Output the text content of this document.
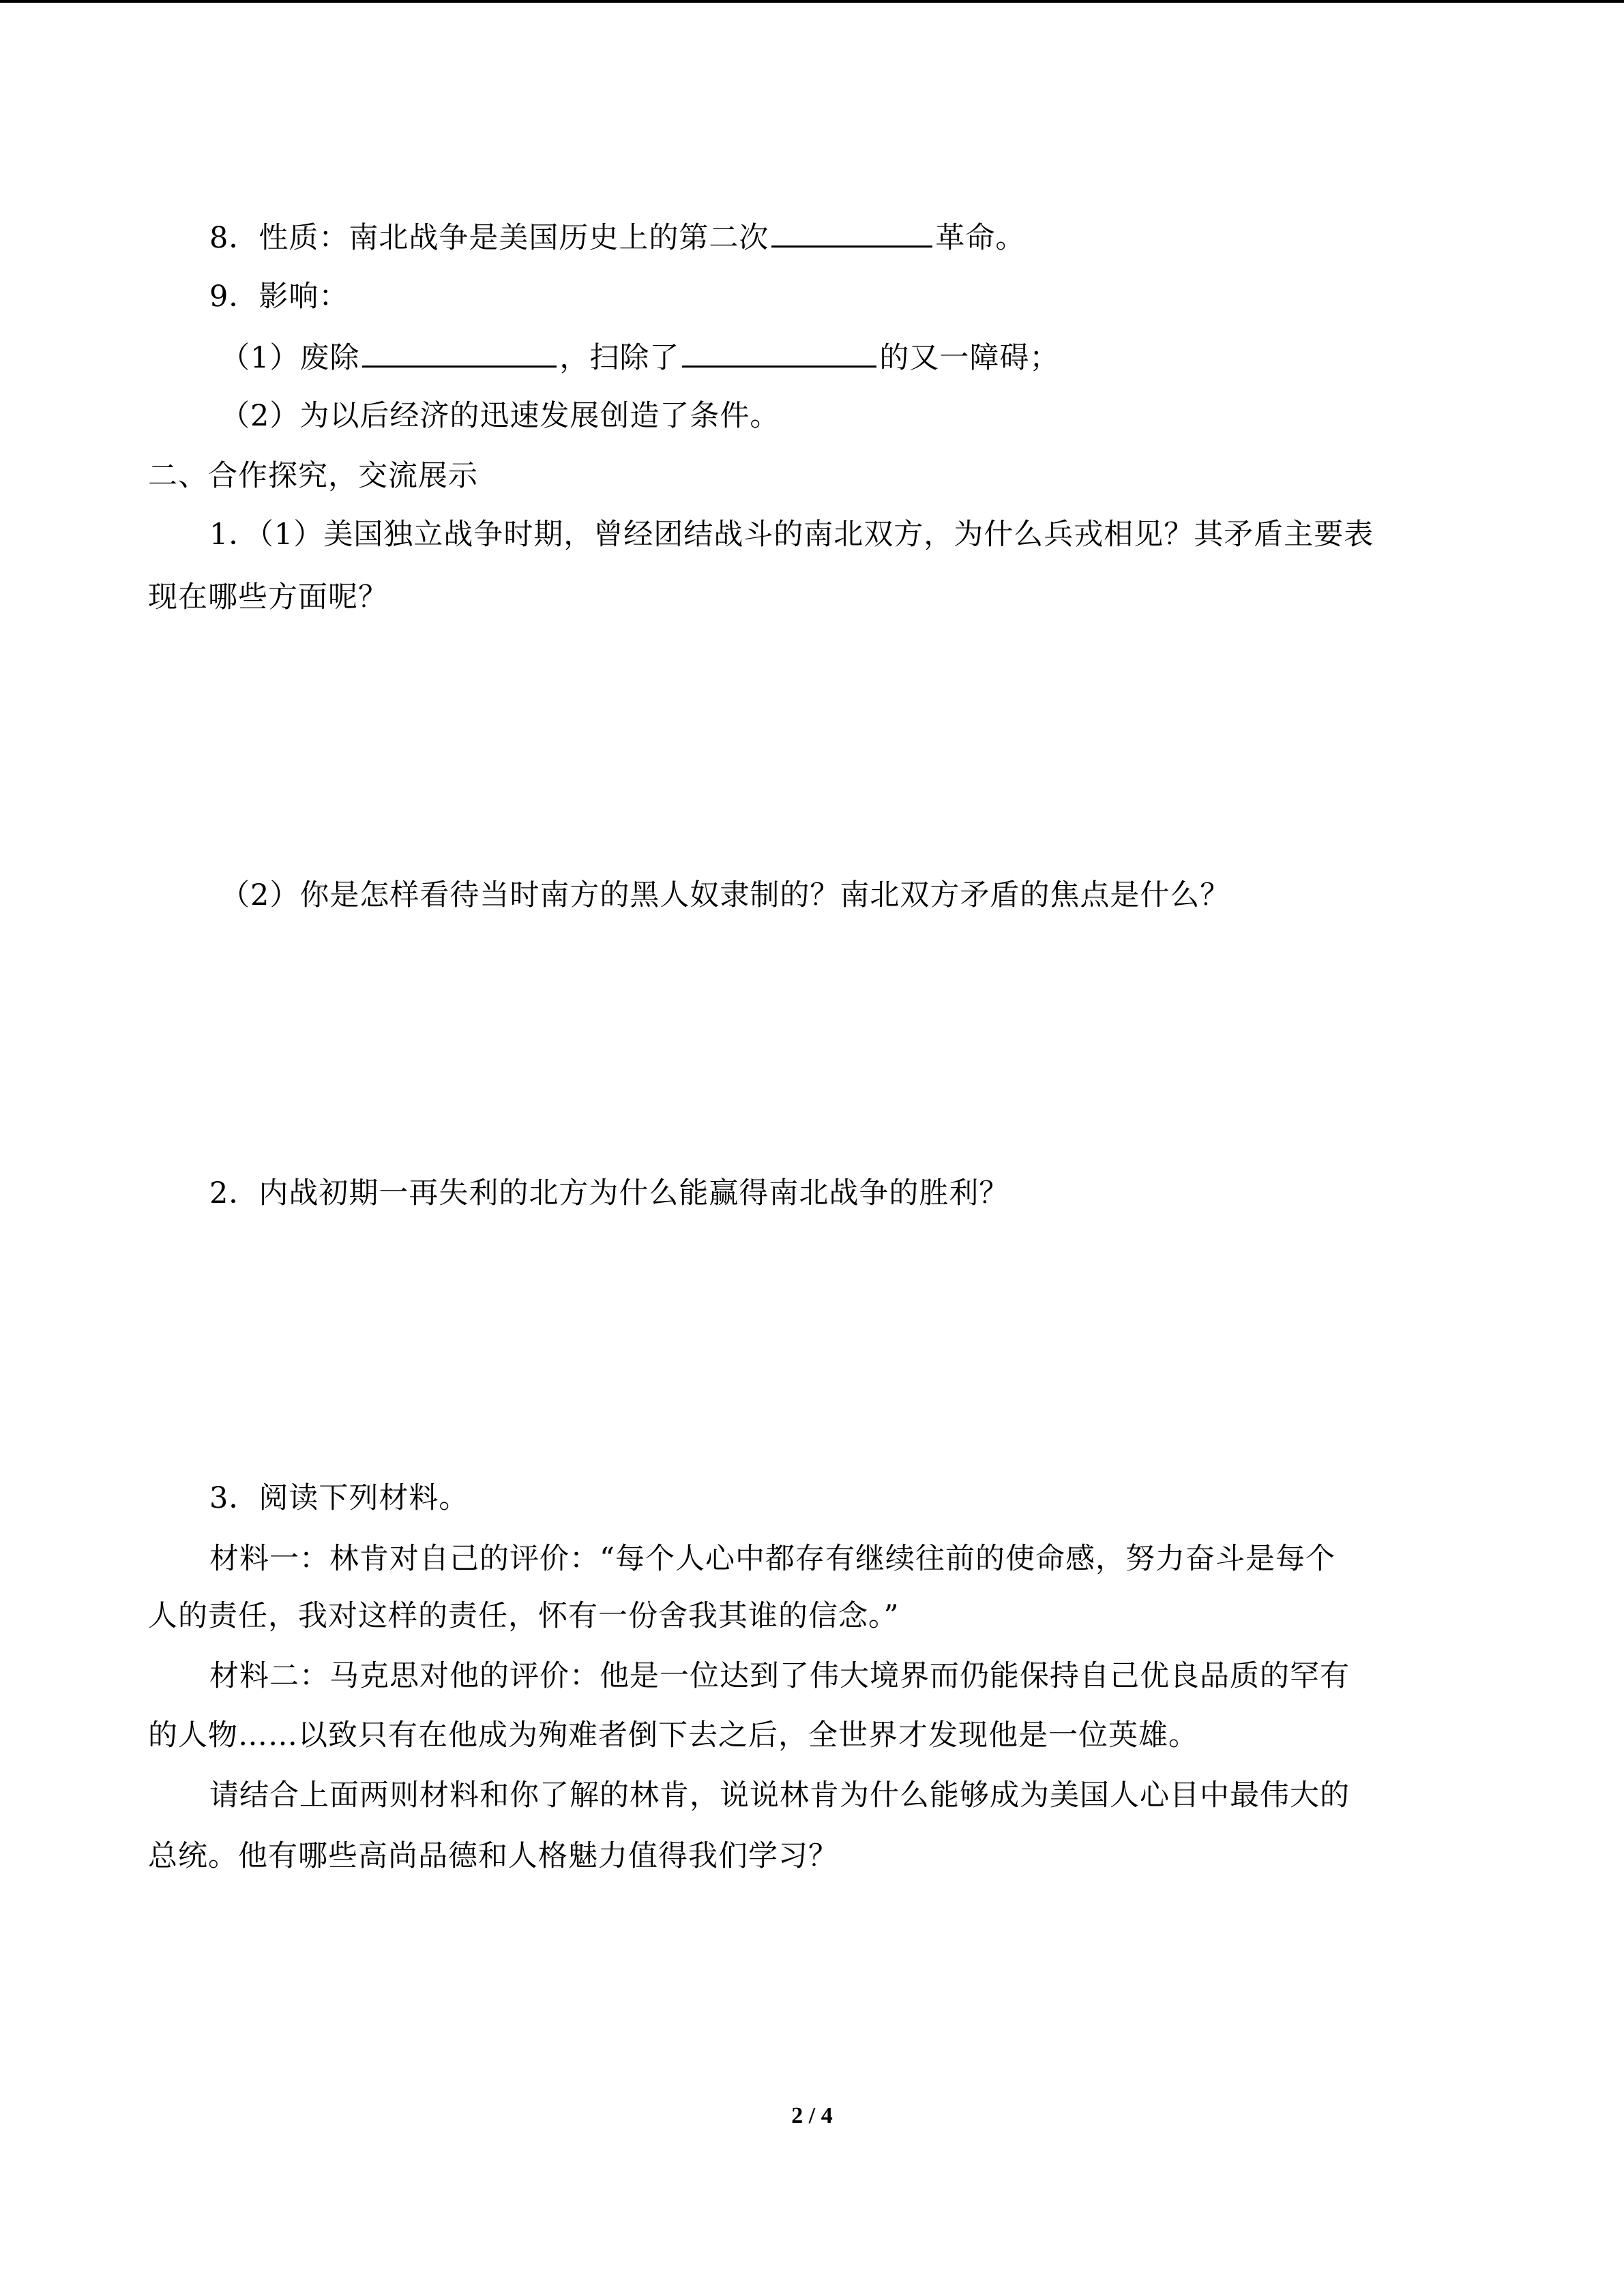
8．性质：南北战争是美国历史上的第二次	革命。
9．影响：
（1）废除	，扫除了	的又一障碍；
（2）为以后经济的迅速发展创造了条件。
二、合作探究，交流展示
1．（1）美国独立战争时期，曾经团结战斗的南北双方，为什么兵戎相见？其矛盾主要表
现在哪些方面呢？
（2）你是怎样看待当时南方的黑人奴隶制的？南北双方矛盾的焦点是什么？
2．内战初期一再失利的北方为什么能赢得南北战争的胜利？
3．阅读下列材料。
材料一：林肯对自己的评价：“每个人心中都存有继续往前的使命感，努力奋斗是每个
人的责任，我对这样的责任，怀有一份舍我其谁的信念。”
材料二：马克思对他的评价：他是一位达到了伟大境界而仍能保持自己优良品质的罕有
的人物……以致只有在他成为殉难者倒下去之后，全世界才发现他是一位英雄。
请结合上面两则材料和你了解的林肯，说说林肯为什么能够成为美国人心目中最伟大的
总统。他有哪些高尚品德和人格魅力值得我们学习？
2 / 4
